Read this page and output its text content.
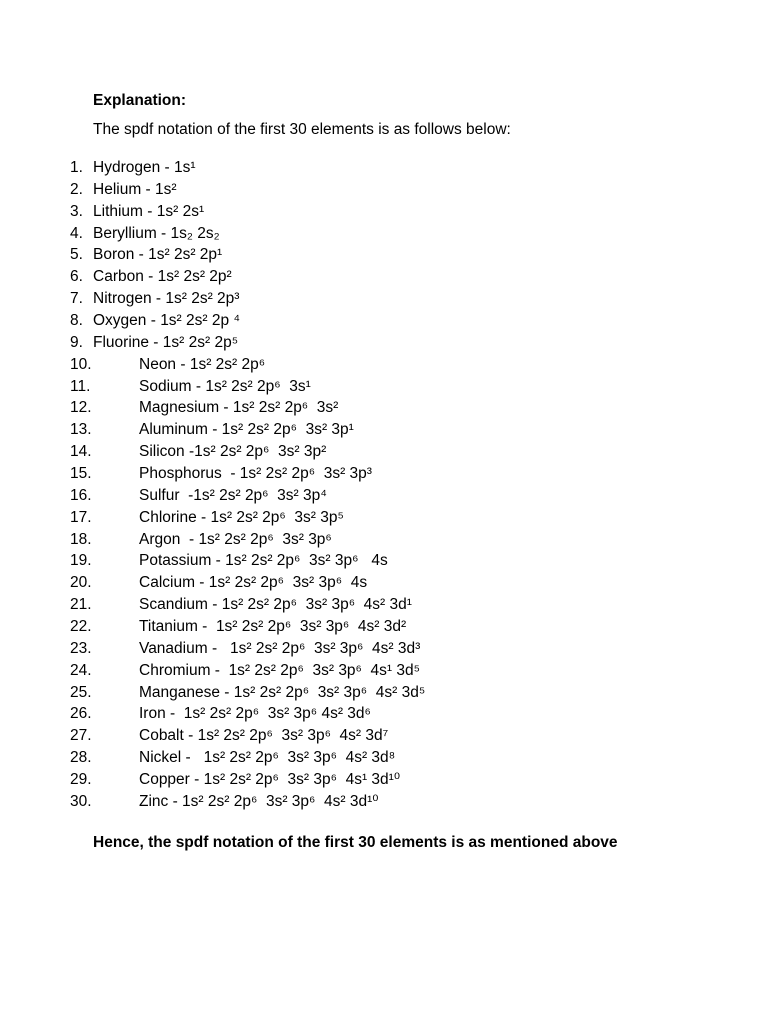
Explanation:
The spdf notation of the first 30 elements is as follows below:
1. Hydrogen - 1s¹
2. Helium - 1s²
3. Lithium - 1s² 2s¹
4. Beryllium - 1s₂ 2s₂
5. Boron - 1s² 2s² 2p¹
6. Carbon - 1s² 2s² 2p²
7. Nitrogen - 1s² 2s² 2p³
8. Oxygen - 1s² 2s² 2p ⁴
9. Fluorine - 1s² 2s² 2p⁵
10.	Neon - 1s² 2s² 2p⁶
11.	Sodium - 1s² 2s² 2p⁶  3s¹
12.	Magnesium - 1s² 2s² 2p⁶  3s²
13.	Aluminum - 1s² 2s² 2p⁶  3s² 3p¹
14.	Silicon -1s² 2s² 2p⁶  3s² 3p²
15.	Phosphorus  - 1s² 2s² 2p⁶  3s² 3p³
16.	Sulfur  -1s² 2s² 2p⁶  3s² 3p⁴
17.	Chlorine - 1s² 2s² 2p⁶  3s² 3p⁵
18.	Argon  - 1s² 2s² 2p⁶  3s² 3p⁶
19.	Potassium - 1s² 2s² 2p⁶  3s² 3p⁶   4s
20.	Calcium - 1s² 2s² 2p⁶  3s² 3p⁶  4s
21.	Scandium - 1s² 2s² 2p⁶  3s² 3p⁶  4s² 3d¹
22.	Titanium -  1s² 2s² 2p⁶  3s² 3p⁶  4s² 3d²
23.	Vanadium -   1s² 2s² 2p⁶  3s² 3p⁶  4s² 3d³
24.	Chromium -  1s² 2s² 2p⁶  3s² 3p⁶  4s¹ 3d⁵
25.	Manganese - 1s² 2s² 2p⁶  3s² 3p⁶  4s² 3d⁵
26.	Iron -  1s² 2s² 2p⁶  3s² 3p⁶ 4s² 3d⁶
27.	Cobalt - 1s² 2s² 2p⁶  3s² 3p⁶  4s² 3d⁷
28.	Nickel -   1s² 2s² 2p⁶  3s² 3p⁶  4s² 3d⁸
29.	Copper - 1s² 2s² 2p⁶  3s² 3p⁶  4s¹ 3d¹⁰
30.	Zinc - 1s² 2s² 2p⁶  3s² 3p⁶  4s² 3d¹⁰
Hence, the spdf notation of the first 30 elements is as mentioned above
